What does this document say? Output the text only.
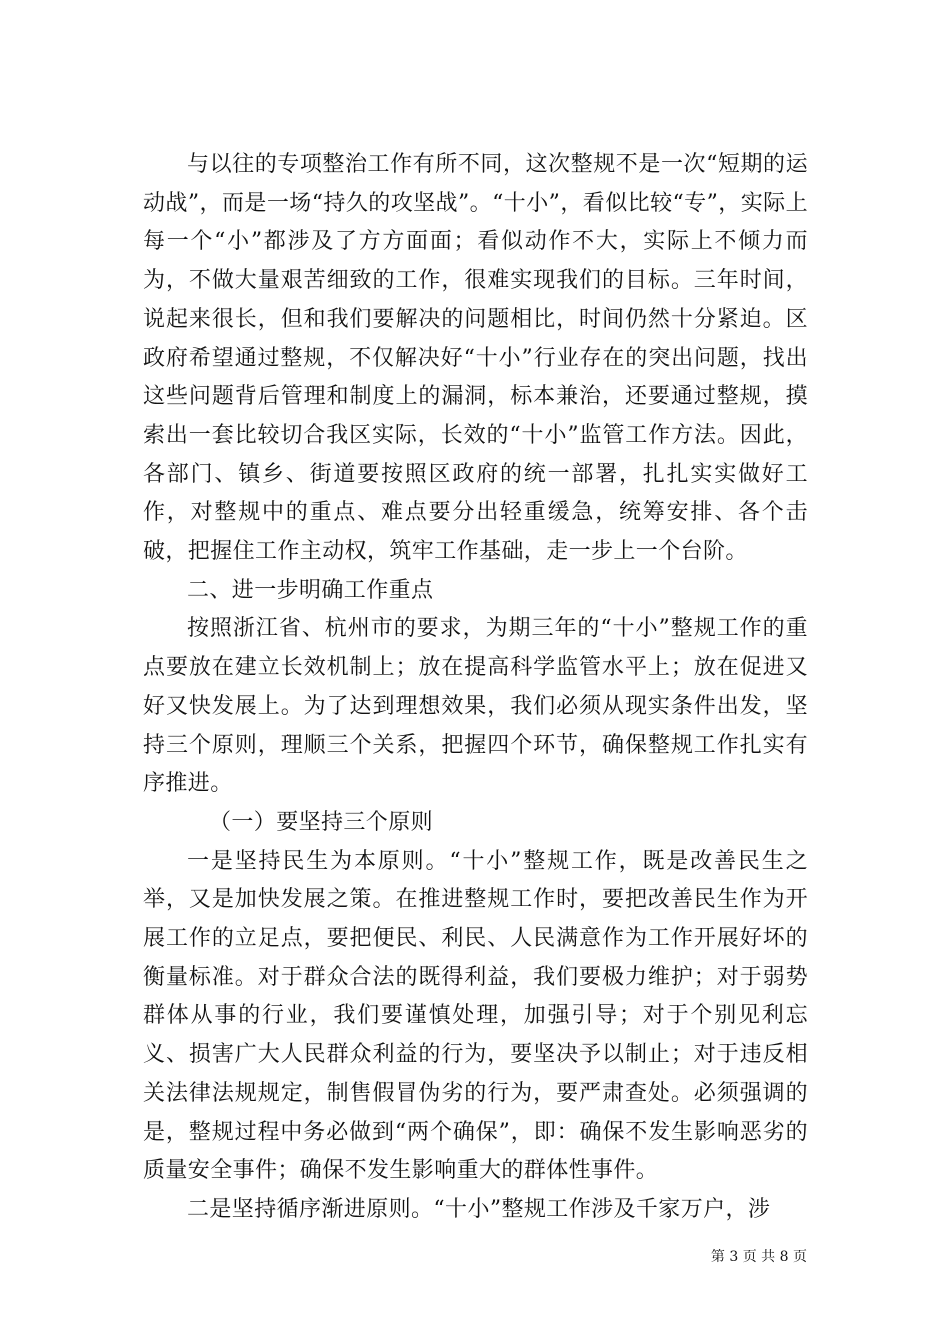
与以往的专项整治工作有所不同，这次整规不是一次“短期的运动战”，而是一场“持久的攻坚战”。“十小”，看似比较“专”，实际上每一个“小”都涉及了方方面面；看似动作不大，实际上不倾力而为，不做大量艰苦细致的工作，很难实现我们的目标。三年时间，说起来很长，但和我们要解决的问题相比，时间仍然十分紧迫。区政府希望通过整规，不仅解决好“十小”行业存在的突出问题，找出这些问题背后管理和制度上的漏洞，标本兼治，还要通过整规，摸索出一套比较切合我区实际，长效的“十小”监管工作方法。因此，各部门、镇乡、街道要按照区政府的统一部署，扎扎实实做好工作，对整规中的重点、难点要分出轻重缓急，统筹安排、各个击破，把握住工作主动权，筑牢工作基础，走一步上一个台阶。

二、进一步明确工作重点

按照浙江省、杭州市的要求，为期三年的“十小”整规工作的重点要放在建立长效机制上；放在提高科学监管水平上；放在促进又好又快发展上。为了达到理想效果，我们必须从现实条件出发，坚持三个原则，理顺三个关系，把握四个环节，确保整规工作扎实有序推进。

（一）要坚持三个原则

一是坚持民生为本原则。“十小”整规工作，既是改善民生之举，又是加快发展之策。在推进整规工作时，要把改善民生作为开展工作的立足点，要把便民、利民、人民满意作为工作开展好坏的衡量标准。对于群众合法的既得利益，我们要极力维护；对于弱势群体从事的行业，我们要谨慎处理，加强引导；对于个别见利忘义、损害广大人民群众利益的行为，要坚决予以制止；对于违反相关法律法规规定，制售假冒伪劣的行为，要严肃查处。必须强调的是，整规过程中务必做到“两个确保”，即：确保不发生影响恶劣的质量安全事件；确保不发生影响重大的群体性事件。

二是坚持循序渐进原则。“十小”整规工作涉及千家万户，涉

第 3 页 共 8 页
